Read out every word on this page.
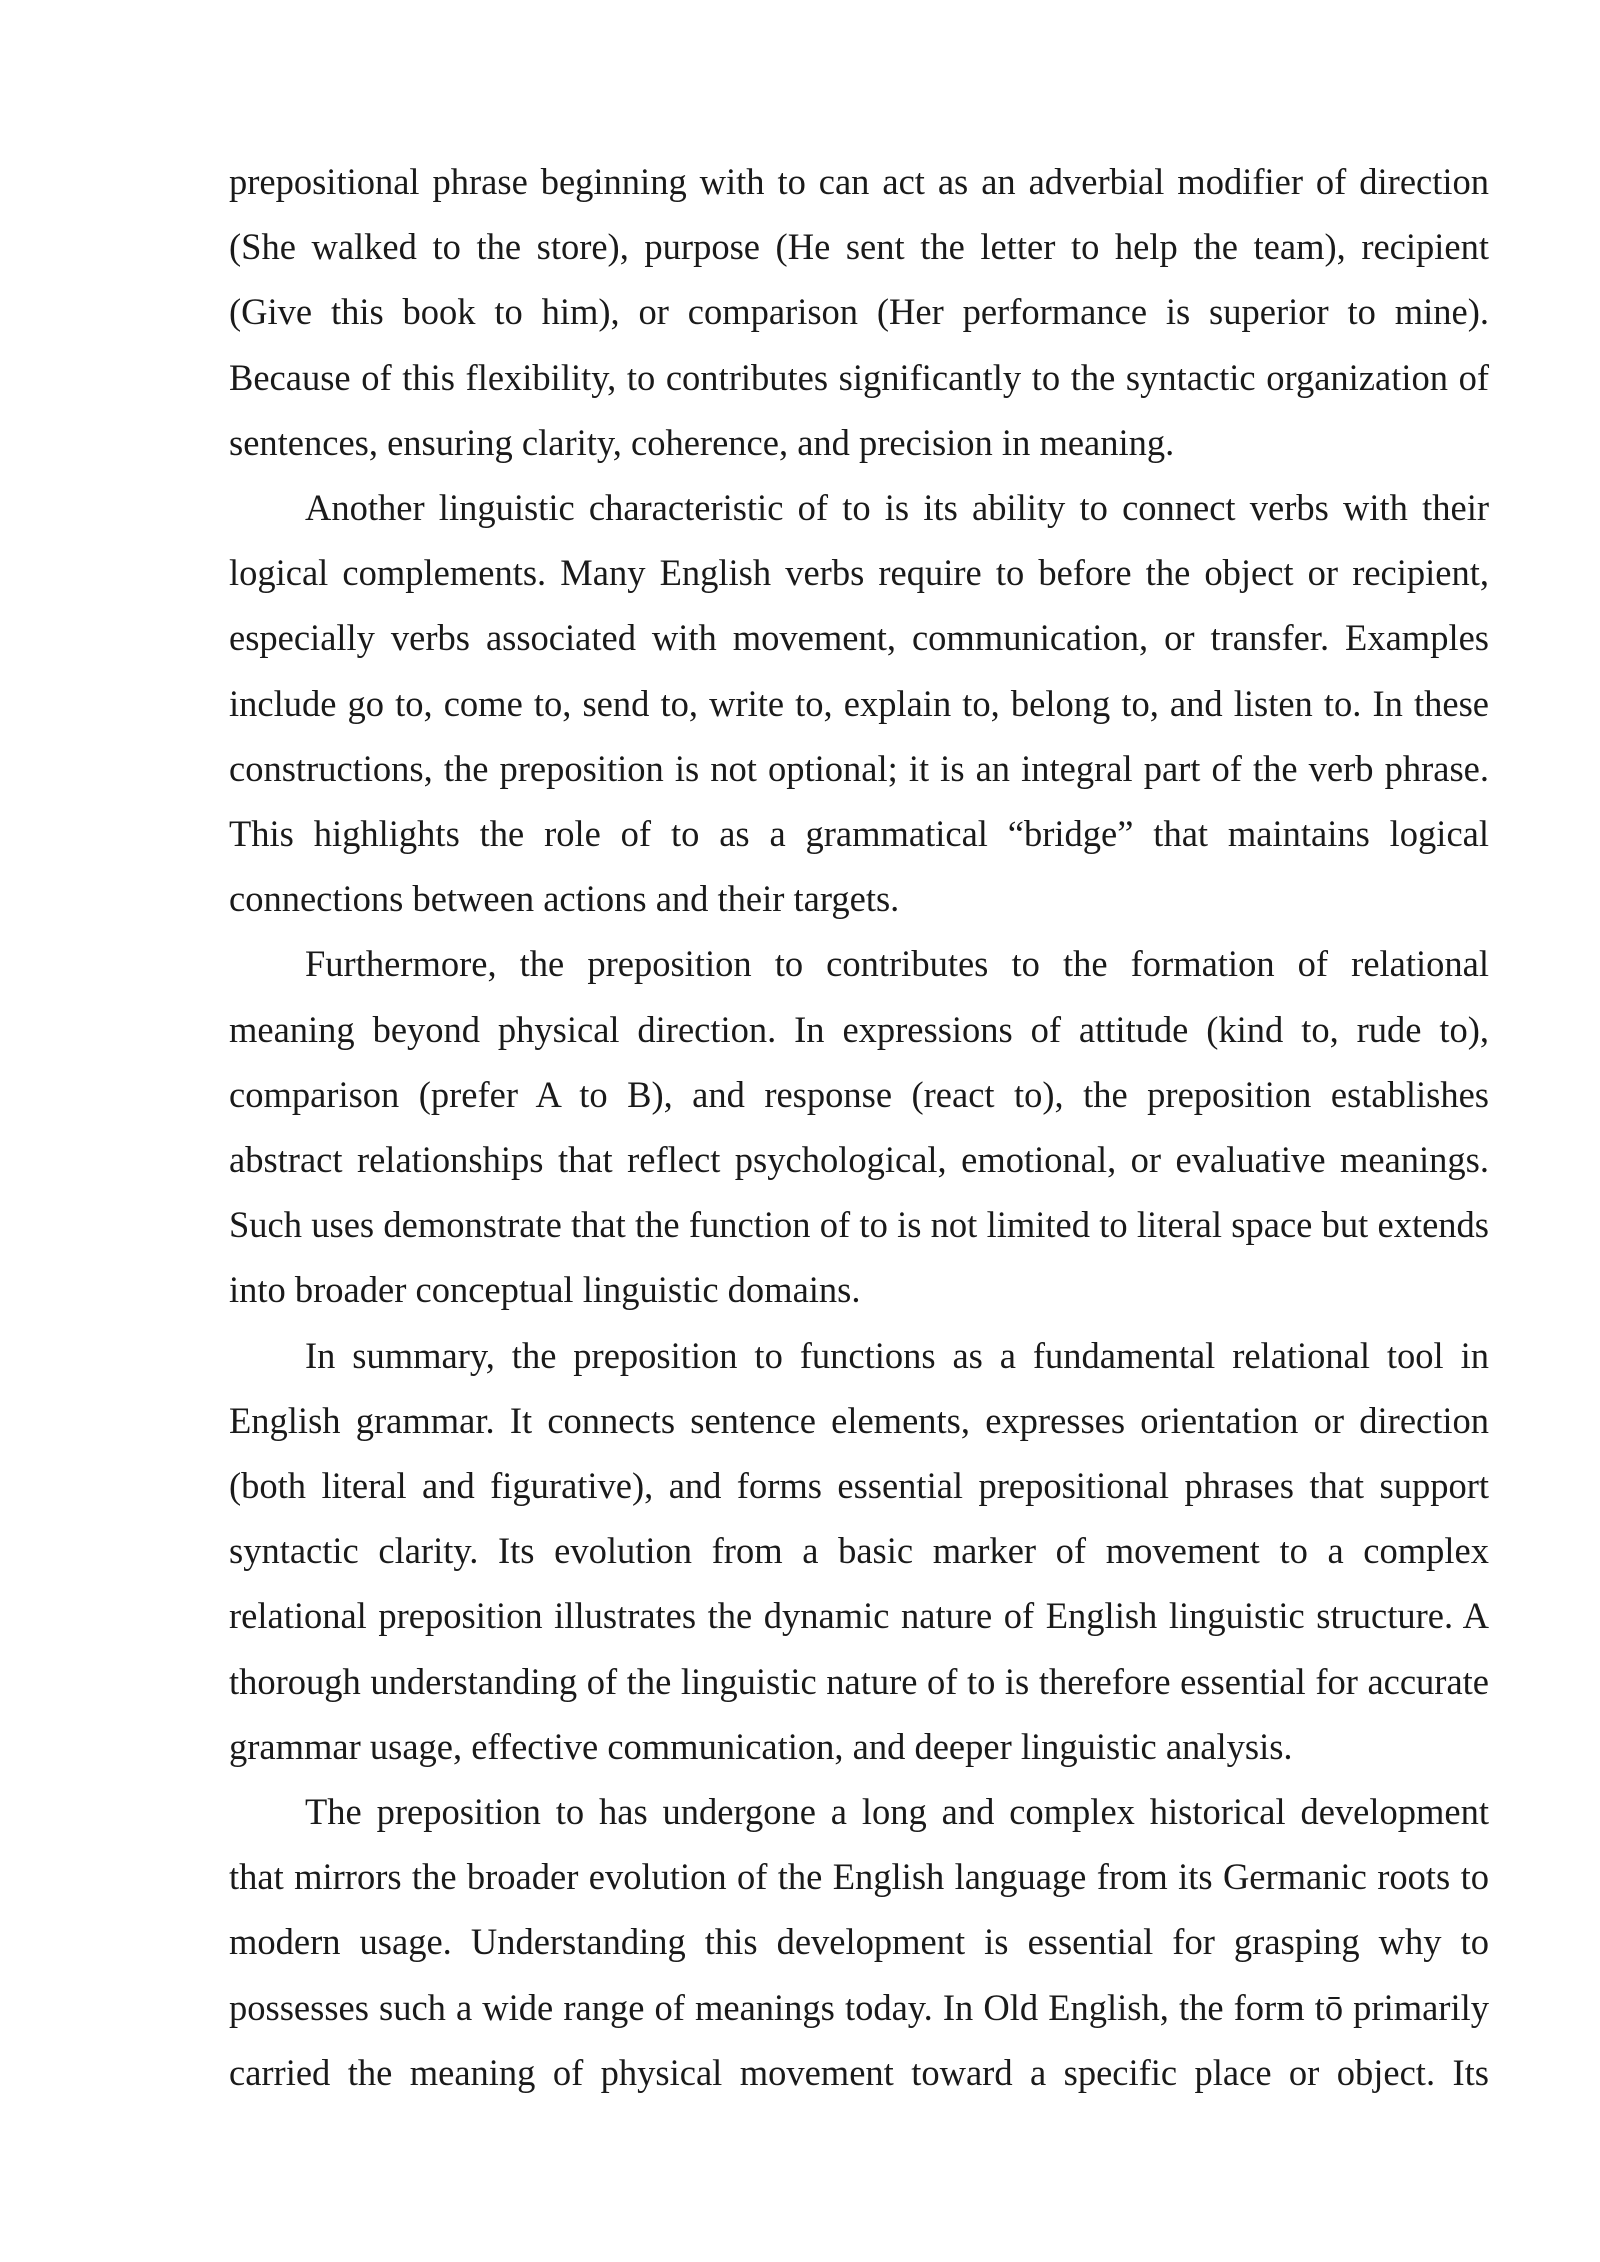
prepositional phrase beginning with to can act as an adverbial modifier of direction (She walked to the store), purpose (He sent the letter to help the team), recipient (Give this book to him), or comparison (Her performance is superior to mine). Because of this flexibility, to contributes significantly to the syntactic organization of sentences, ensuring clarity, coherence, and precision in meaning.

Another linguistic characteristic of to is its ability to connect verbs with their logical complements. Many English verbs require to before the object or recipient, especially verbs associated with movement, communication, or transfer. Examples include go to, come to, send to, write to, explain to, belong to, and listen to. In these constructions, the preposition is not optional; it is an integral part of the verb phrase. This highlights the role of to as a grammatical “bridge” that maintains logical connections between actions and their targets.

Furthermore, the preposition to contributes to the formation of relational meaning beyond physical direction. In expressions of attitude (kind to, rude to), comparison (prefer A to B), and response (react to), the preposition establishes abstract relationships that reflect psychological, emotional, or evaluative meanings. Such uses demonstrate that the function of to is not limited to literal space but extends into broader conceptual linguistic domains.

In summary, the preposition to functions as a fundamental relational tool in English grammar. It connects sentence elements, expresses orientation or direction (both literal and figurative), and forms essential prepositional phrases that support syntactic clarity. Its evolution from a basic marker of movement to a complex relational preposition illustrates the dynamic nature of English linguistic structure. A thorough understanding of the linguistic nature of to is therefore essential for accurate grammar usage, effective communication, and deeper linguistic analysis.

The preposition to has undergone a long and complex historical development that mirrors the broader evolution of the English language from its Germanic roots to modern usage. Understanding this development is essential for grasping why to possesses such a wide range of meanings today. In Old English, the form tō primarily carried the meaning of physical movement toward a specific place or object. Its
